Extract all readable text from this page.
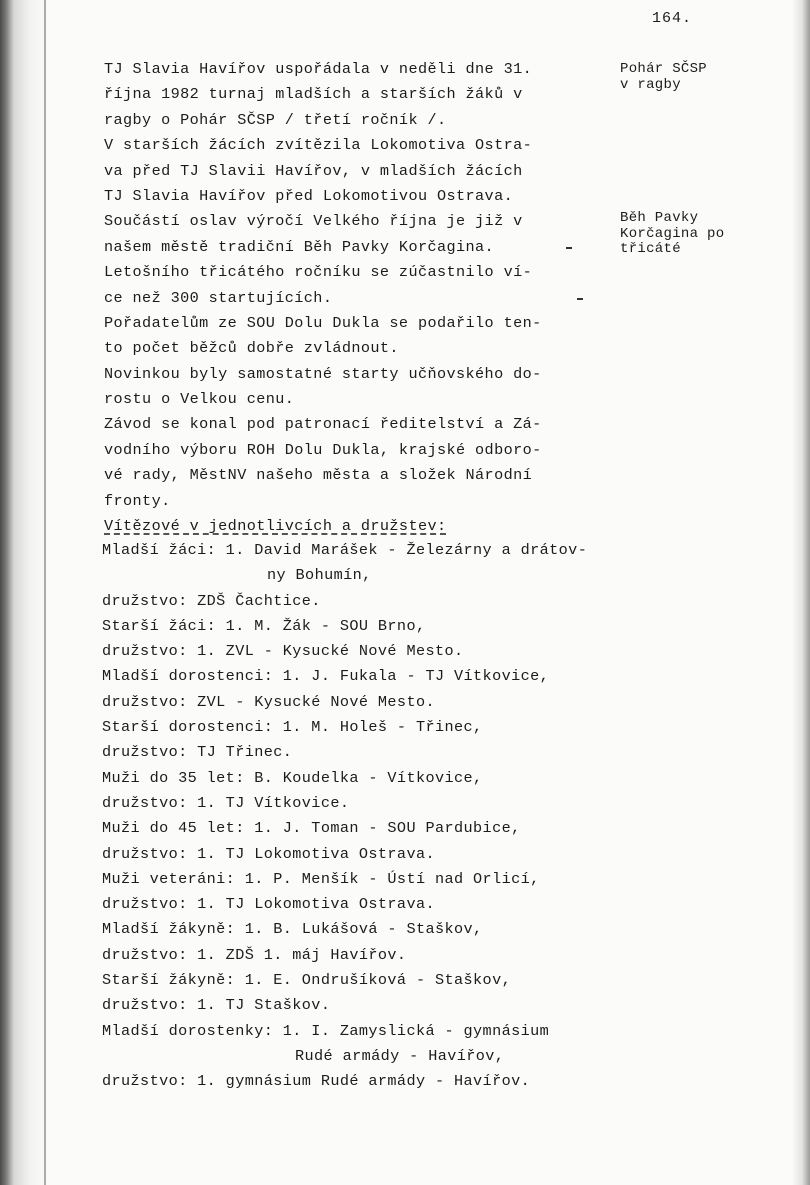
164.
TJ Slavia Havířov uspořádala v neděli dne 31.
října 1982 turnaj mladších a starších žáků v
ragby o Pohár SČSP / třetí ročník /.
V starších žácích zvítězila Lokomotiva Ostra-
va před TJ Slavii Havířov, v mladších žácích
TJ Slavia Havířov před Lokomotivou Ostrava.
Součástí oslav výročí Velkého října je již v
našem městě tradiční Běh Pavky Korčagina.
Letošního třicátého ročníku se zúčastnilo ví-
ce než 300 startujících.
Pořadatelům ze SOU Dolu Dukla se podařilo ten-
to počet běžců dobře zvládnout.
Novinkou byly samostatné starty učňovského do-
rostu o Velkou cenu.
Závod se konal pod patronací ředitelství a Zá-
vodního výboru ROH Dolu Dukla, krajské odboro-
vé rady, MěstNV našeho města a složek Národní
fronty.
Vítězové v jednotlivcích a družstev:
Mladší žáci: 1. David Marášek - Železárny a drátov-
ny Bohumín,
družstvo: ZDŠ Čachtice.
Starší žáci: 1. M. Žák - SOU Brno,
družstvo: 1. ZVL - Kysucké Nové Mesto.
Mladší dorostenci: 1. J. Fukala - TJ Vítkovice,
družstvo: ZVL - Kysucké Nové Mesto.
Starší dorostenci: 1. M. Holeš - Třinec,
družstvo: TJ Třinec.
Muži do 35 let: B. Koudelka - Vítkovice,
družstvo: 1. TJ Vítkovice.
Muži do 45 let: 1. J. Toman - SOU Pardubice,
družstvo: 1. TJ Lokomotiva Ostrava.
Muži veteráni: 1. P. Menšík - Ústí nad Orlicí,
družstvo: 1. TJ Lokomotiva Ostrava.
Mladší žákyně: 1. B. Lukášová - Staškov,
družstvo: 1. ZDŠ 1. máj Havířov.
Starší žákyně: 1. E. Ondrušíková - Staškov,
družstvo: 1. TJ Staškov.
Mladší dorostenky: 1. I. Zamyslická - gymnásium
Rudé armády - Havířov,
družstvo: 1. gymnásium Rudé armády - Havířov.
Pohár SČSP
v ragby
Běh Pavky
Korčagina po
třicáté
